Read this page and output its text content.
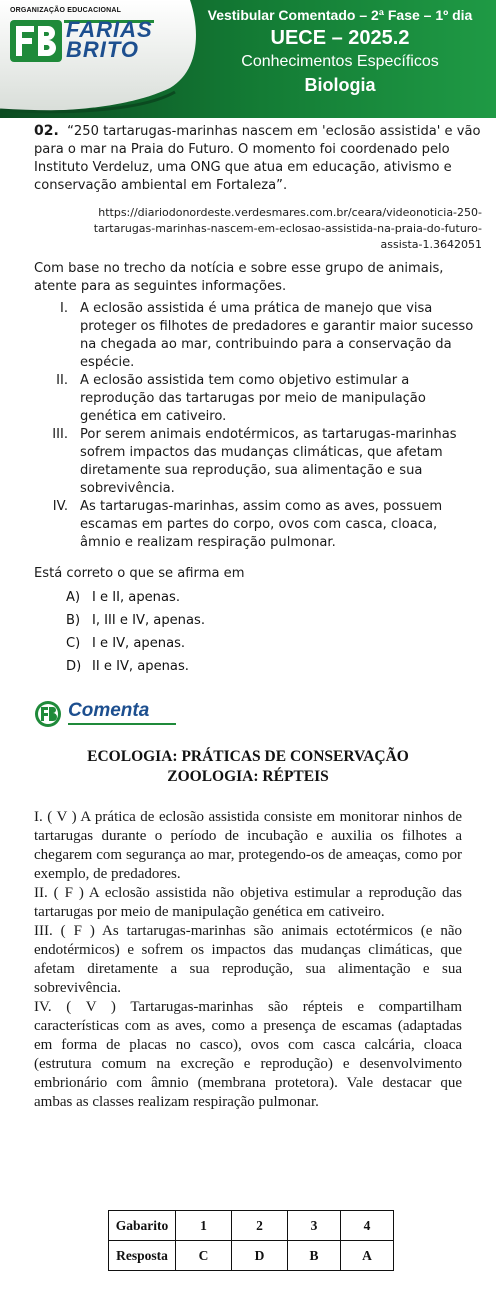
ORGANIZAÇÃO EDUCACIONAL
FARIAS
BRITO
Vestibular Comentado – 2ª Fase – 1º dia
UECE – 2025.2
Conhecimentos Específicos
Biologia
02. “250 tartarugas-marinhas nascem em 'eclosão assistida' e vão para o mar na Praia do Futuro. O momento foi coordenado pelo Instituto Verdeluz, uma ONG que atua em educação, ativismo e conservação ambiental em Fortaleza”.
https://diariodonordeste.verdesmares.com.br/ceara/videonoticia-250-
tartarugas-marinhas-nascem-em-eclosao-assistida-na-praia-do-futuro-
assista-1.3642051
Com base no trecho da notícia e sobre esse grupo de animais, atente para as seguintes informações.
I. A eclosão assistida é uma prática de manejo que visa proteger os filhotes de predadores e garantir maior sucesso na chegada ao mar, contribuindo para a conservação da espécie.
II. A eclosão assistida tem como objetivo estimular a reprodução das tartarugas por meio de manipulação genética em cativeiro.
III. Por serem animais endotérmicos, as tartarugas-marinhas sofrem impactos das mudanças climáticas, que afetam diretamente sua reprodução, sua alimentação e sua sobrevivência.
IV. As tartarugas-marinhas, assim como as aves, possuem escamas em partes do corpo, ovos com casca, cloaca, âmnio e realizam respiração pulmonar.
Está correto o que se afirma em
A) I e II, apenas.
B) I, III e IV, apenas.
C) I e IV, apenas.
D) II e IV, apenas.
Comenta
ECOLOGIA: PRÁTICAS DE CONSERVAÇÃO
ZOOLOGIA: RÉPTEIS

I. ( V ) A prática de eclosão assistida consiste em monitorar ninhos de tartarugas durante o período de incubação e auxilia os filhotes a chegarem com segurança ao mar, protegendo-os de ameaças, como por exemplo, de predadores.

II. ( F ) A eclosão assistida não objetiva estimular a reprodução das tartarugas por meio de manipulação genética em cativeiro.

III. ( F ) As tartarugas-marinhas são animais ectotérmicos (e não endotérmicos) e sofrem os impactos das mudanças climáticas, que afetam diretamente a sua reprodução, sua alimentação e sua sobrevivência.

IV. ( V ) Tartarugas-marinhas são répteis e compartilham características com as aves, como a presença de escamas (adaptadas em forma de placas no casco), ovos com casca calcária, cloaca (estrutura comum na excreção e reprodução) e desenvolvimento embrionário com âmnio (membrana protetora). Vale destacar que ambas as classes realizam respiração pulmonar.

Gabarito	1	2	3	4
Resposta	C	D	B	A
